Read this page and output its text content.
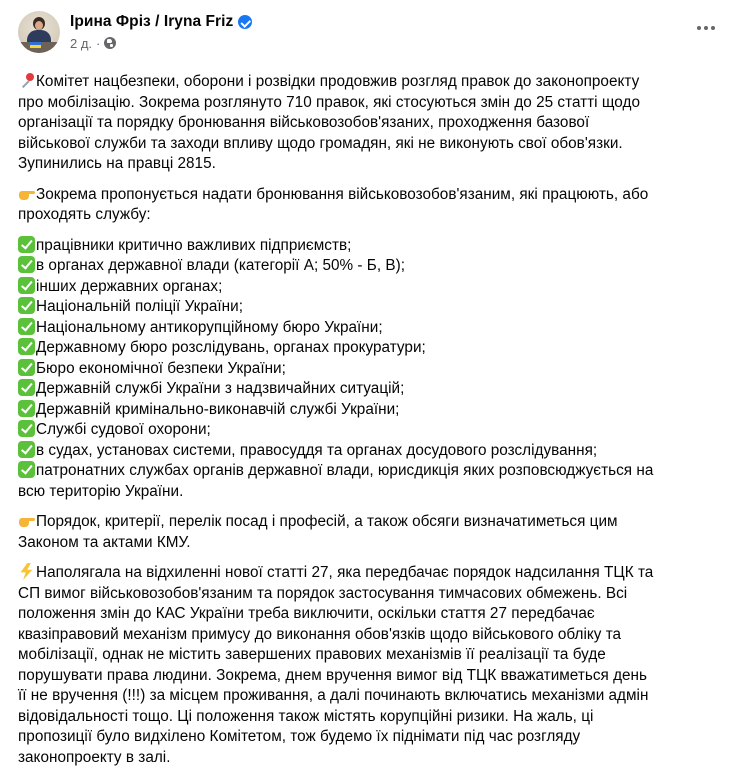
Ірина Фріз / Iryna Friz
2 д. ·
Комітет нацбезпеки, оборони і розвідки продовжив розгляд правок до законопроекту
про мобілізацію. Зокрема розглянуто 710 правок, які стосуються змін до 25 статті щодо
організації та порядку бронювання військовозобов'язаних, проходження базової
військової служби та заходи впливу щодо громадян, які не виконують свої обов'язки.
Зупинились на правці 2815.
Зокрема пропонується надати бронювання військовозобов'язаним, які працюють, або
проходять службу:
працівники критично важливих підприємств;
в органах державної влади (категорії А; 50% - Б, В);
інших державних органах;
Національній поліції України;
Національному антикорупційному бюро України;
Державному бюро розслідувань, органах прокуратури;
Бюро економічної безпеки України;
Державній службі України з надзвичайних ситуацій;
Державній кримінально-виконавчій службі України;
Службі судової охорони;
в судах, установах системи, правосуддя та органах досудового розслідування;
патронатних службах органів державної влади, юрисдикція яких розповсюджується на
всю територію України.
Порядок, критерії, перелік посад і професій, а також обсяги визначатиметься цим
Законом та актами КМУ.
Наполягала на відхиленні нової статті 27, яка передбачає порядок надсилання ТЦК та
СП вимог військовозобов'язаним та порядок застосування тимчасових обмежень. Всі
положення змін до КАС України треба виключити, оскільки стаття 27 передбачає
квазіправовий механізм примусу до виконання обов'язків щодо військового обліку та
мобілізації, однак не містить завершених правових механізмів її реалізації та буде
порушувати права людини. Зокрема, днем вручення вимог від ТЦК вважатиметься день
її не вручення (!!!) за місцем проживання, а далі починають включатись механізми адмін
відовідальності тощо. Ці положення також містять корупційні ризики. На жаль, ці
пропозиції було видхілено Комітетом, тож будемо їх піднімати під час розгляду
законопроекту в залі.
